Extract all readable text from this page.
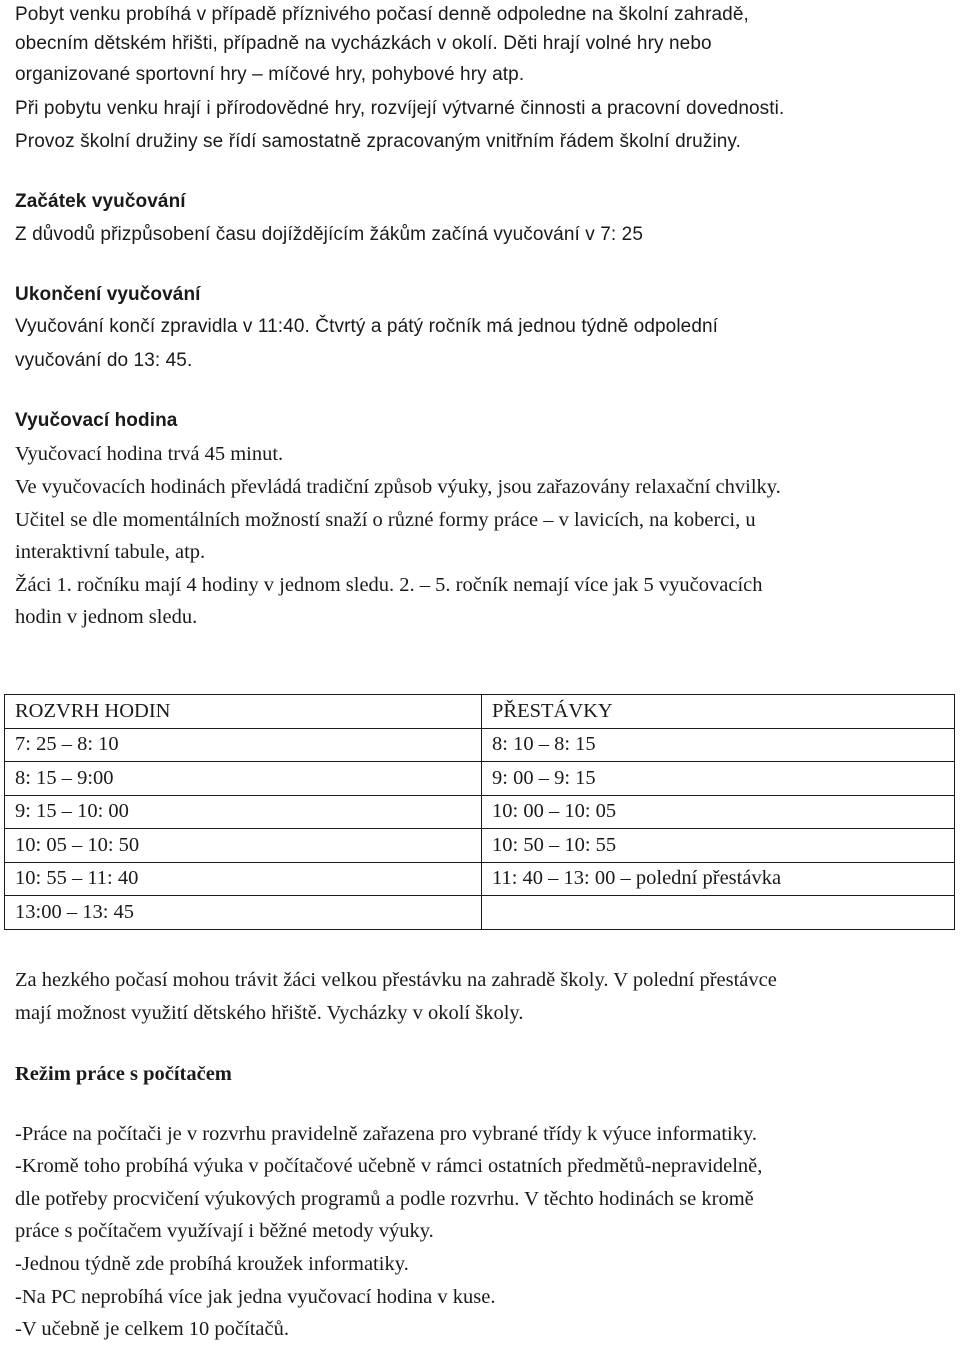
Pobyt venku probíhá v případě příznivého počasí denně odpoledne na školní zahradě,
obecním dětském hřišti, případně na vycházkách v okolí. Děti hrají volné hry nebo
organizované sportovní hry – míčové hry, pohybové hry atp.
Při pobytu venku hrají i přírodovědné hry, rozvíjejí výtvarné činnosti a pracovní dovednosti.
Provoz školní družiny se řídí samostatně zpracovaným vnitřním řádem školní družiny.
Začátek vyučování
Z důvodů přizpůsobení času dojíždějícím žákům začíná vyučování v 7: 25
Ukončení vyučování
Vyučování končí zpravidla v 11:40. Čtvrtý a pátý ročník má jednou týdně odpolední
vyučování do 13: 45.
Vyučovací hodina
Vyučovací hodina trvá 45 minut.
Ve vyučovacích hodinách převládá tradiční způsob výuky, jsou zařazovány relaxační chvilky.
Učitel se dle momentálních možností snaží o různé formy práce – v lavicích, na koberci, u
interaktivní tabule, atp.
Žáci 1. ročníku mají 4 hodiny v jednom sledu. 2. – 5. ročník nemají více jak 5 vyučovacích
hodin v jednom sledu.
Za hezkého počasí mohou trávit žáci velkou přestávku na zahradě školy. V polední přestávce
mají možnost využití dětského hřiště. Vycházky v okolí školy.
Režim práce s počítačem
-Práce na počítači je v rozvrhu pravidelně zařazena pro vybrané třídy k výuce informatiky.
-Kromě toho probíhá výuka v počítačové učebně v rámci ostatních předmětů-nepravidelně,
dle potřeby procvičení výukových programů a podle rozvrhu. V těchto hodinách se kromě
práce s počítačem využívají i běžné metody výuky.
-Jednou týdně zde probíhá kroužek informatiky.
-Na PC neprobíhá více jak jedna vyučovací hodina v kuse.
-V učebně je celkem 10 počítačů.
ROZVRH HODIN	PŘESTÁVKY
7: 25 – 8: 10	8: 10 – 8: 15
8: 15 – 9:00	9: 00 – 9: 15
9: 15 – 10: 00	10: 00 – 10: 05
10: 05 – 10: 50	10: 50 – 10: 55
10: 55 – 11: 40	11: 40 – 13: 00 – polední přestávka
13:00 – 13: 45	
